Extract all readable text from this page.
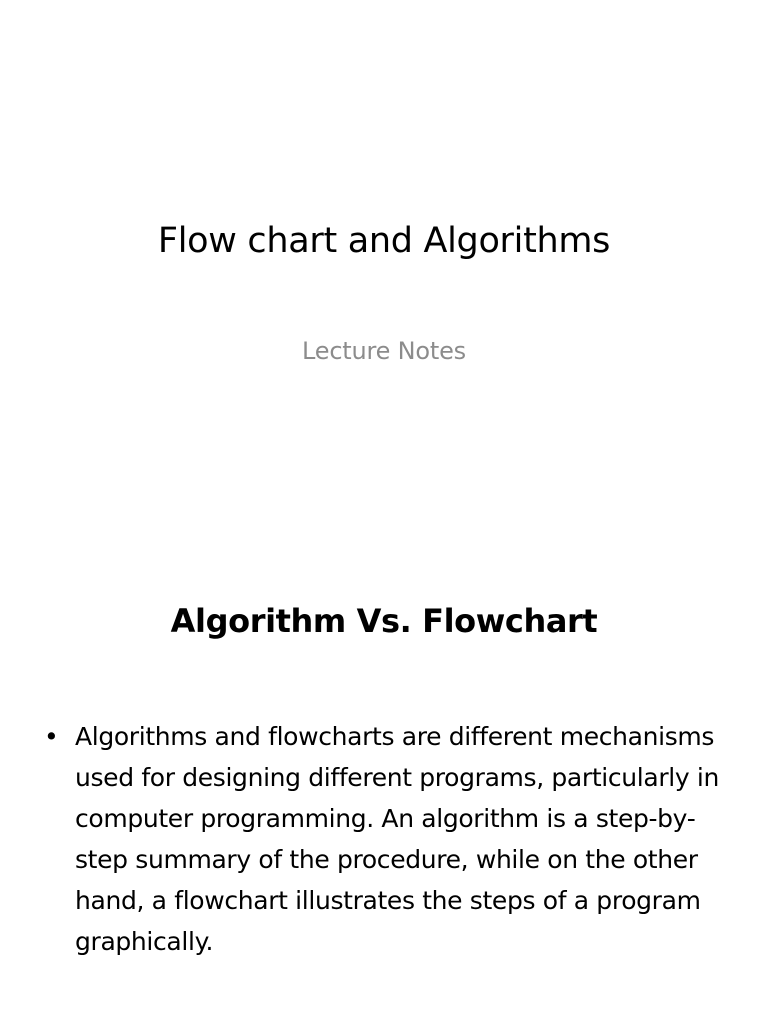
Flow chart and Algorithms

Lecture Notes

Algorithm Vs. Flowchart
• Algorithms and flowcharts are different mechanisms used for designing different programs, particularly in computer programming. An algorithm is a step-by-step summary of the procedure, while on the other hand, a flowchart illustrates the steps of a program graphically.
